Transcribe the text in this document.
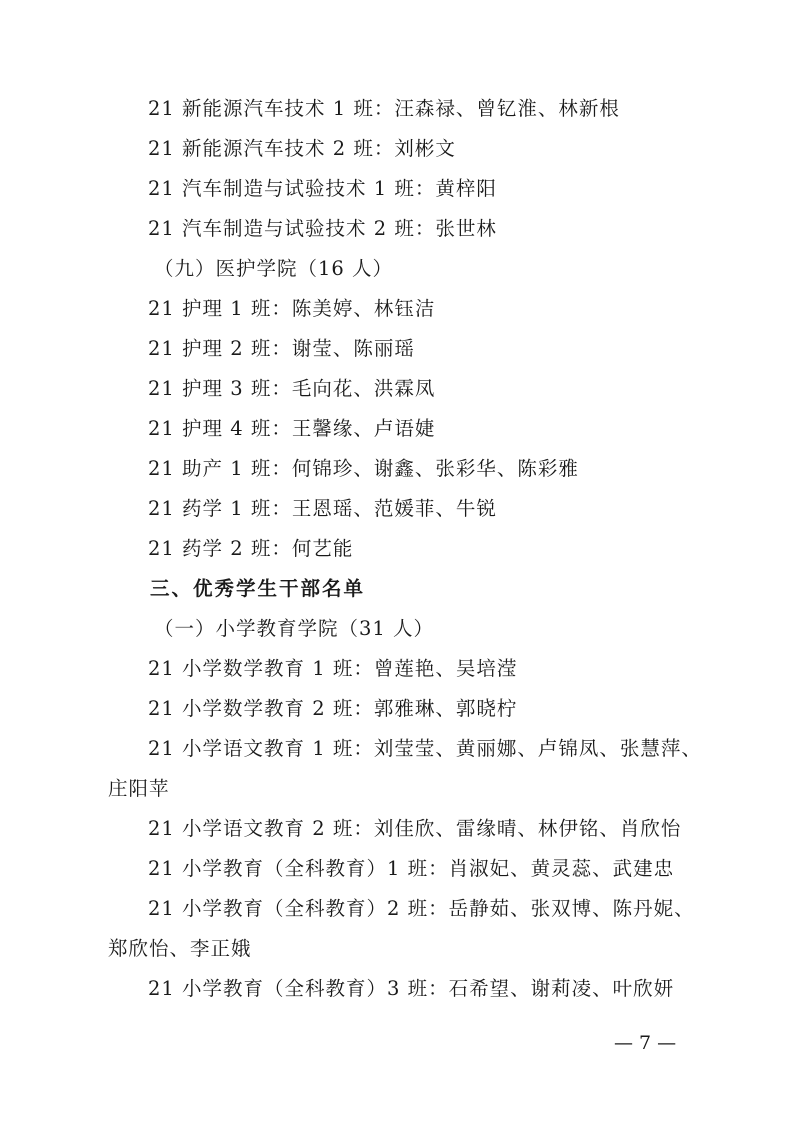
21 新能源汽车技术 1 班：汪森禄、曾钇淮、林新根
21 新能源汽车技术 2 班：刘彬文
21 汽车制造与试验技术 1 班：黄梓阳
21 汽车制造与试验技术 2 班：张世林
（九）医护学院（16 人）
21 护理 1 班：陈美婷、林钰洁
21 护理 2 班：谢莹、陈丽瑶
21 护理 3 班：毛向花、洪霖凤
21 护理 4 班：王馨缘、卢语婕
21 助产 1 班：何锦珍、谢鑫、张彩华、陈彩雅
21 药学 1 班：王恩瑶、范媛菲、牛锐
21 药学 2 班：何艺能
三、优秀学生干部名单
（一）小学教育学院（31 人）
21 小学数学教育 1 班：曾莲艳、吴培滢
21 小学数学教育 2 班：郭雅琳、郭晓柠
21 小学语文教育 1 班：刘莹莹、黄丽娜、卢锦凤、张慧萍、
庄阳苹
21 小学语文教育 2 班：刘佳欣、雷缘晴、林伊铭、肖欣怡
21 小学教育（全科教育）1 班：肖淑妃、黄灵蕊、武建忠
21 小学教育（全科教育）2 班：岳静茹、张双博、陈丹妮、
郑欣怡、李正娥
21 小学教育（全科教育）3 班：石希望、谢莉凌、叶欣妍
— 7 —
